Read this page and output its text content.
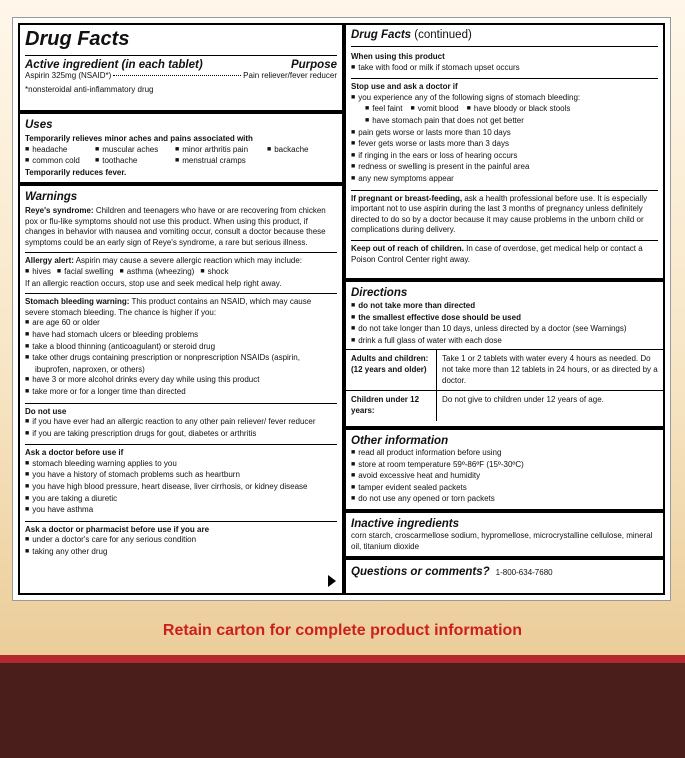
Drug Facts
Active ingredient (in each tablet)	Purpose
Aspirin 325mg (NSAID*)	Pain reliever/fever reducer
*nonsteroidal anti-inflammatory drug
Uses
Temporarily relieves minor aches and pains associated with
■ headache	■ muscular aches	■ minor arthritis pain	■ backache
■ common cold	■ toothache	■ menstrual cramps
Temporarily reduces fever.
Warnings
Reye's syndrome: Children and teenagers who have or are recovering from chicken pox or flu-like symptoms should not use this product. When using this product, if changes in behavior with nausea and vomiting occur, consult a doctor because these symptoms could be an early sign of Reye's syndrome, a rare but serious illness.
Allergy alert: Aspirin may cause a severe allergic reaction which may include:
■ hives	■ facial swelling	■ asthma (wheezing)	■ shock
If an allergic reaction occurs, stop use and seek medical help right away.
Stomach bleeding warning: This product contains an NSAID, which may cause severe stomach bleeding. The chance is higher if you:
■ are age 60 or older
■ have had stomach ulcers or bleeding problems
■ take a blood thinning (anticoagulant) or steroid drug
■ take other drugs containing prescription or nonprescription NSAIDs (aspirin,
ibuprofen, naproxen, or others)
■ have 3 or more alcohol drinks every day while using this product
■ take more or for a longer time than directed
Do not use
■ if you have ever had an allergic reaction to any other pain reliever/ fever reducer
■ if you are taking prescription drugs for gout, diabetes or arthritis
Ask a doctor before use if
■ stomach bleeding warning applies to you
■ you have a history of stomach problems such as heartburn
■ you have high blood pressure, heart disease, liver cirrhosis, or kidney disease
■ you are taking a diuretic
■ you have asthma
Ask a doctor or pharmacist before use if you are
■ under a doctor's care for any serious condition
■ taking any other drug
Drug Facts (continued)
When using this product
■ take with food or milk if stomach upset occurs
Stop use and ask a doctor if
■ you experience any of the following signs of stomach bleeding:
■ feel faint	■ vomit blood	■ have bloody or black stools
■ have stomach pain that does not get better
■ pain gets worse or lasts more than 10 days
■ fever gets worse or lasts more than 3 days
■ if ringing in the ears or loss of hearing occurs
■ redness or swelling is present in the painful area
■ any new symptoms appear
If pregnant or breast-feeding, ask a health professional before use. It is especially important not to use aspirin during the last 3 months of pregnancy unless definitely directed to do so by a doctor because it may cause problems in the unborn child or complications during delivery.
Keep out of reach of children. In case of overdose, get medical help or contact a Poison Control Center right away.
Directions
■ do not take more than directed
■ the smallest effective dose should be used
■ do not take longer than 10 days, unless directed by a doctor (see Warnings)
■ drink a full glass of water with each dose
Adults and children: (12 years and older)	Take 1 or 2 tablets with water every 4 hours as needed. Do not take more than 12 tablets in 24 hours, or as directed by a doctor.
Children under 12 years:	Do not give to children under 12 years of age.
Other information
■ read all product information before using
■ store at room temperature 59º-86ºF (15º-30ºC)
■ avoid excessive heat and humidity
■ tamper evident sealed packets
■ do not use any opened or torn packets
Inactive ingredients
corn starch, croscarmellose sodium, hypromellose, microcrystalline cellulose, mineral oil, titanium dioxide
Questions or comments? 1-800-634-7680
Retain carton for complete product information
